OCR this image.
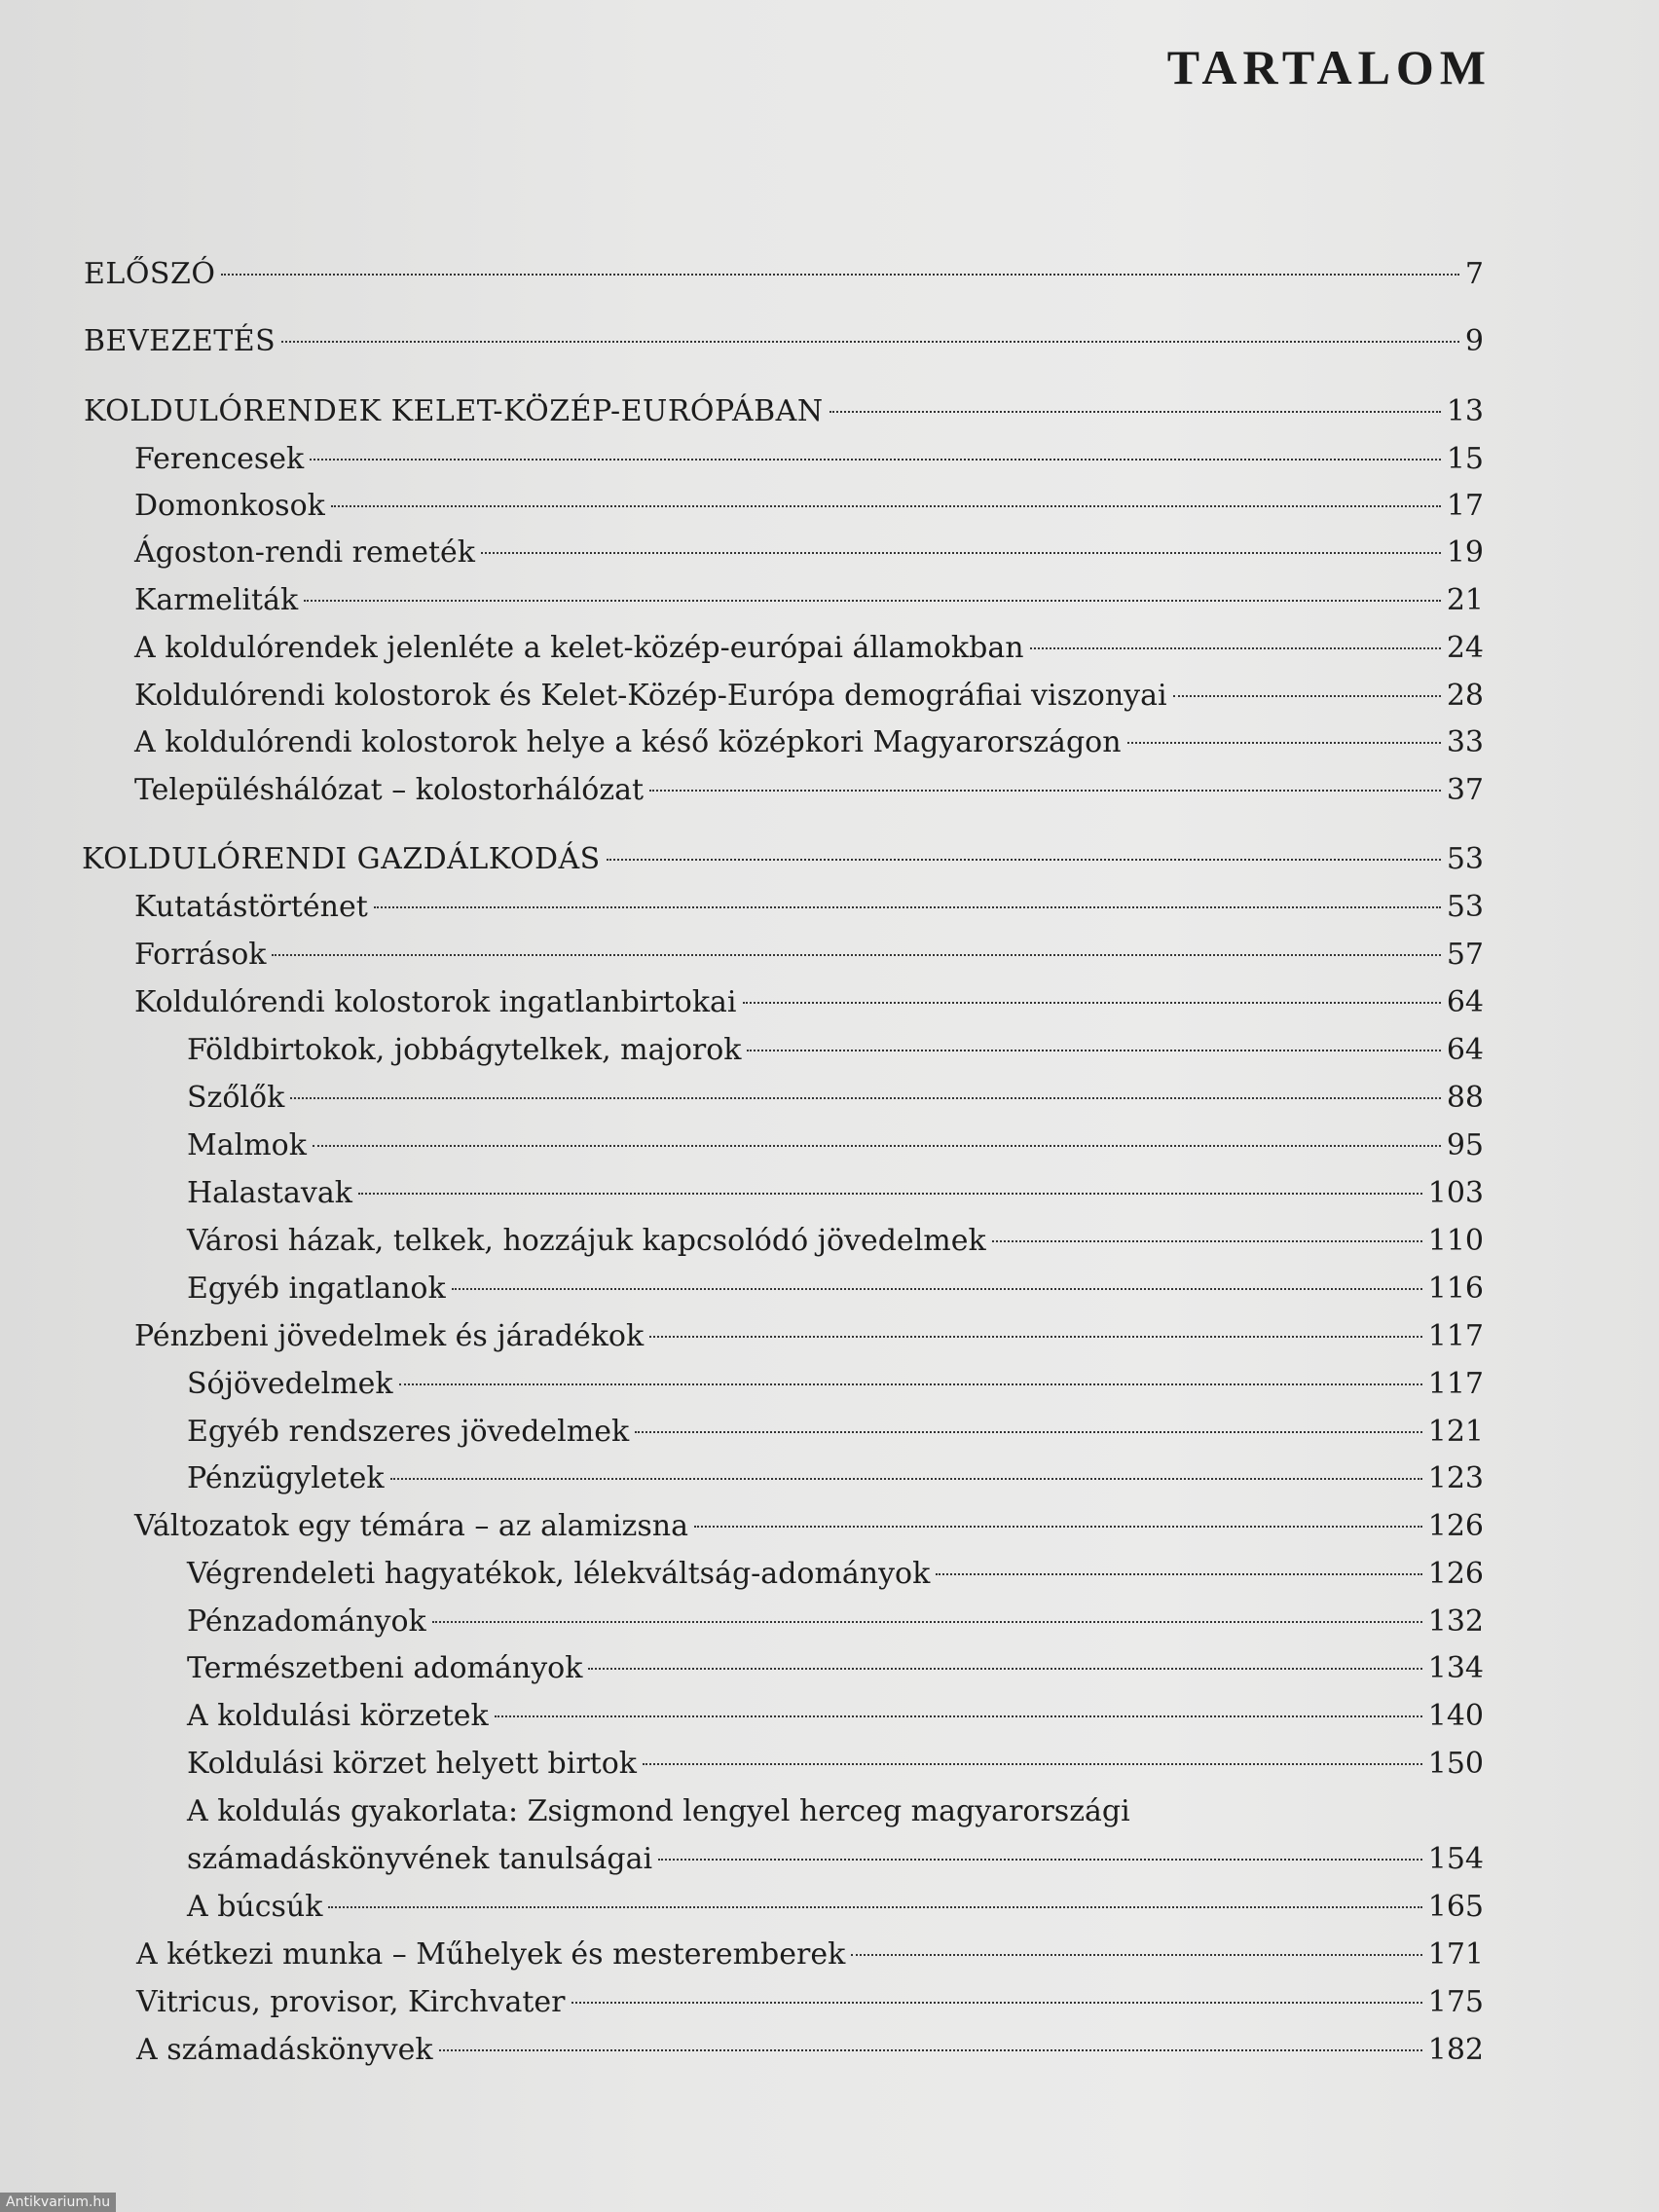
TARTALOM
ELŐSZÓ	7
BEVEZETÉS	9
KOLDULÓRENDEK KELET-KÖZÉP-EURÓPÁBAN	13
Ferencesek	15
Domonkosok	17
Ágoston-rendi remeték	19
Karmeliták	21
A koldulórendek jelenléte a kelet-közép-európai államokban	24
Koldulórendi kolostorok és Kelet-Közép-Európa demográfiai viszonyai	28
A koldulórendi kolostorok helye a késő középkori Magyarországon	33
Településhálózat – kolostorhálózat	37
KOLDULÓRENDI GAZDÁLKODÁS	53
Kutatástörténet	53
Források	57
Koldulórendi kolostorok ingatlanbirtokai	64
Földbirtokok, jobbágytelkek, majorok	64
Szőlők	88
Malmok	95
Halastavak	103
Városi házak, telkek, hozzájuk kapcsolódó jövedelmek	110
Egyéb ingatlanok	116
Pénzbeni jövedelmek és járadékok	117
Sójövedelmek	117
Egyéb rendszeres jövedelmek	121
Pénzügyletek	123
Változatok egy témára – az alamizsna	126
Végrendeleti hagyatékok, lélekváltság-adományok	126
Pénzadományok	132
Természetbeni adományok	134
A koldulási körzetek	140
Koldulási körzet helyett birtok	150
A koldulás gyakorlata: Zsigmond lengyel herceg magyarországi
számadáskönyvének tanulságai	154
A búcsúk	165
A kétkezi munka – Műhelyek és mesteremberek	171
Vitricus, provisor, Kirchvater	175
A számadáskönyvek	182
Antikvarium.hu
